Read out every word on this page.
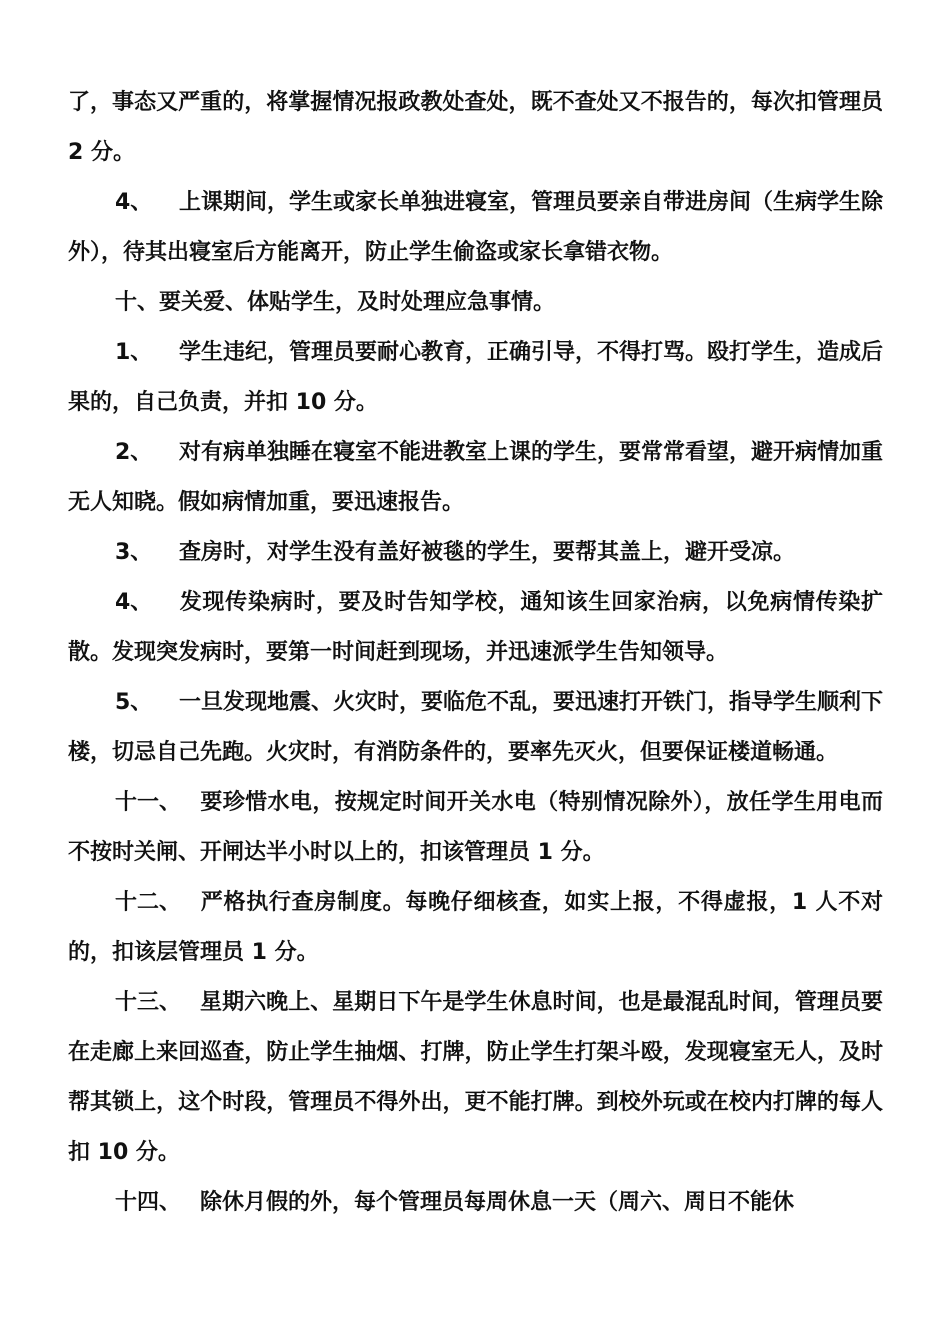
了，事态又严重的，将掌握情况报政教处查处，既不查处又不报告的，每次扣管理员 2 分。

4、 上课期间，学生或家长单独进寝室，管理员要亲自带进房间（生病学生除外），待其出寝室后方能离开，防止学生偷盗或家长拿错衣物。

十、要关爱、体贴学生，及时处理应急事情。

1、 学生违纪，管理员要耐心教育，正确引导，不得打骂。殴打学生，造成后果的，自己负责，并扣 10 分。

2、 对有病单独睡在寝室不能进教室上课的学生，要常常看望，避开病情加重无人知晓。假如病情加重，要迅速报告。

3、 查房时，对学生没有盖好被毯的学生，要帮其盖上，避开受凉。

4、 发现传染病时，要及时告知学校，通知该生回家治病，以免病情传染扩散。发现突发病时，要第一时间赶到现场，并迅速派学生告知领导。

5、 一旦发现地震、火灾时，要临危不乱，要迅速打开铁门，指导学生顺利下楼，切忌自己先跑。火灾时，有消防条件的，要率先灭火，但要保证楼道畅通。

十一、 要珍惜水电，按规定时间开关水电（特别情况除外），放任学生用电而不按时关闸、开闸达半小时以上的，扣该管理员 1 分。

十二、 严格执行查房制度。每晚仔细核查，如实上报，不得虚报，1 人不对的，扣该层管理员 1 分。

十三、 星期六晚上、星期日下午是学生休息时间，也是最混乱时间，管理员要在走廊上来回巡查，防止学生抽烟、打牌，防止学生打架斗殴，发现寝室无人，及时帮其锁上，这个时段，管理员不得外出，更不能打牌。到校外玩或在校内打牌的每人扣 10 分。

十四、 除休月假的外，每个管理员每周休息一天（周六、周日不能休
